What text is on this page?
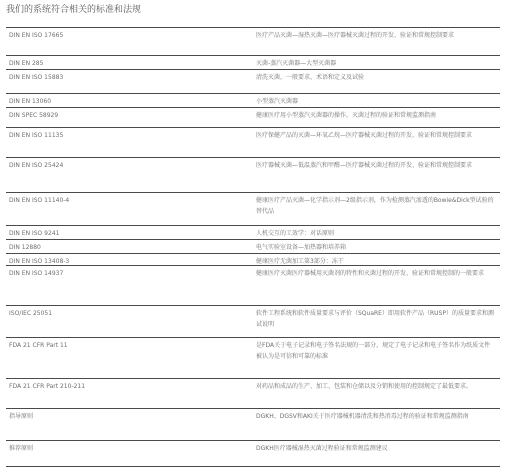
我们的系统符合相关的标准和法规
DIN EN ISO 17665	医疗产品灭菌—湿热灭菌—医疗器械灭菌过程的开发、验证和常规控制要求
DIN EN 285	灭菌-蒸汽灭菌器—大型灭菌器
DIN EN ISO 15883	清洗灭菌，一般要求，术语和定义及试验
DIN EN 13060	小型蒸汽灭菌器
DIN SPEC 58929	健康医疗用小型蒸汽灭菌器的操作，灭菌过程的验证和常规监测指南
DIN EN ISO 11135	医疗保健产品的灭菌—环氧乙烷—医疗器械灭菌过程的开发、验证和常规控制要求
DIN EN ISO 25424	医疗器械灭菌—低温蒸汽和甲醛—医疗器械灭菌过程的开发、验证和常规控制要求
DIN EN ISO 11140-4	健康医疗产品灭菌—化学指示剂—2级指示剂，作为检测蒸汽渗透的Bowie&Dick型试验的替代品
DIN EN ISO 9241	人机交互的工效学：对话原则
DIN 12880	电气实验室设备—加热器和培养箱
DIN EN ISO 13408-3	健康医疗无菌加工第3部分：冻干
DIN EN ISO 14937	健康医疗灭菌医疗器械用灭菌剂的特性和灭菌过程的开发、验证和常规控制的一般要求
ISO/IEC 25051	软件工程系统和软件质量要求与评价（SQuaRE）即用软件产品（RUSP）的质量要求和测试说明
FDA 21 CFR Part 11	是FDA关于电子记录和电子签名法规的一部分，规定了电子记录和电子签名作为纸质文件被认为是可信和可靠的标准
FDA 21 CFR Part 210-211	对药品和成品的生产、加工、包装和仓储以及分销和使用的控制规定了最低要求。
指导原则	DGKH、DGSV和AKI关于医疗器械机器清洗和热消毒过程的验证和常规监测指南
推荐原则	DGKH医疗器械湿热灭菌过程验证和常规监测建议
